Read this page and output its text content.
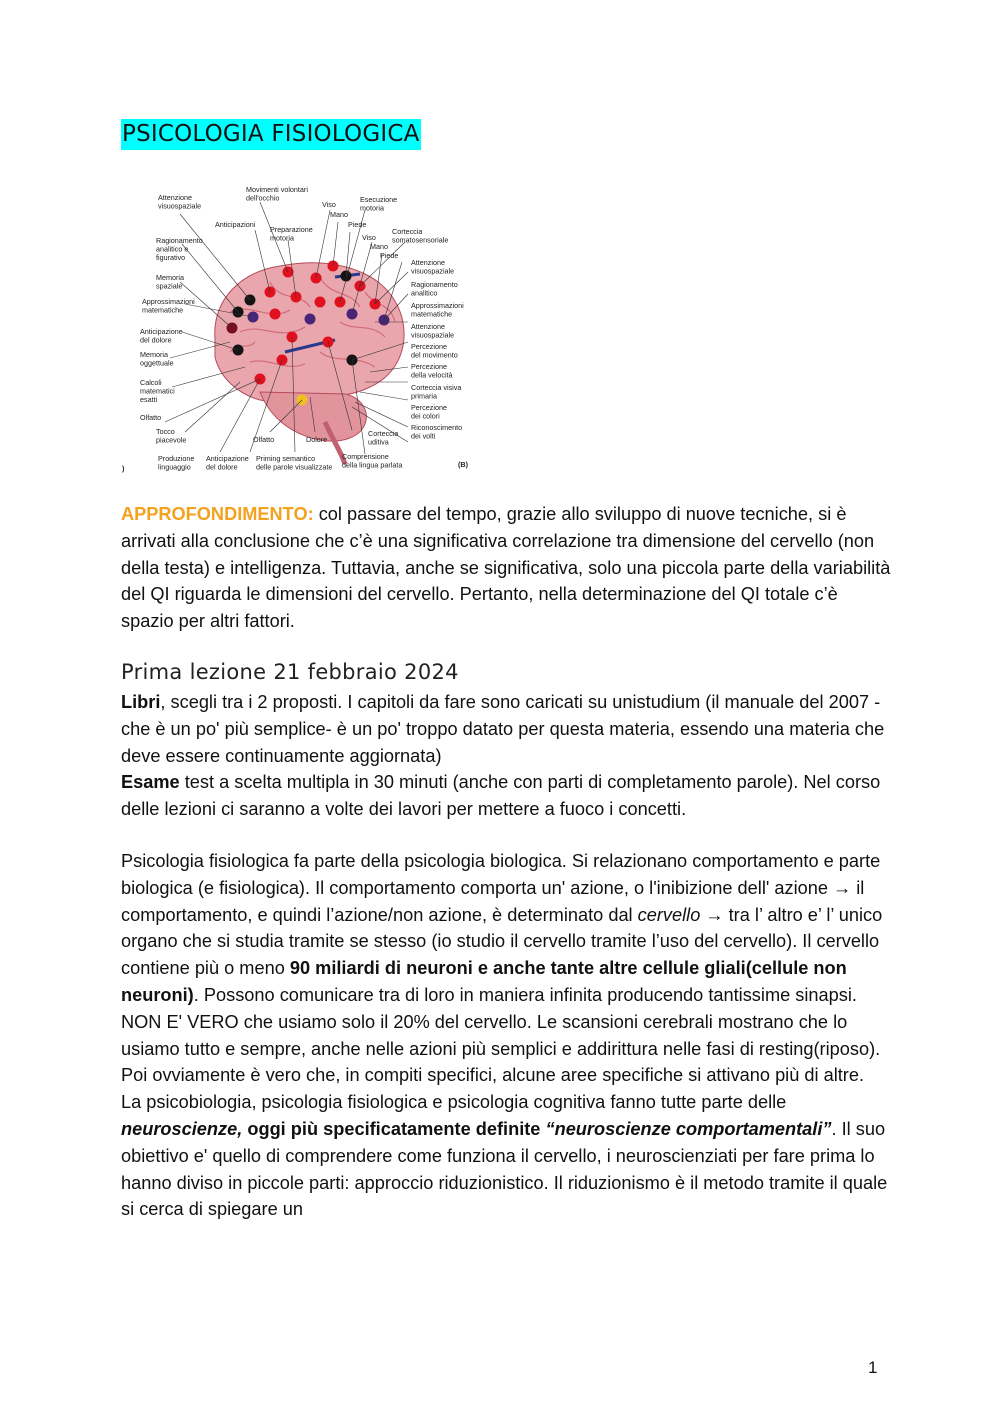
PSICOLOGIA FISIOLOGICA
Attenzione visuospaziale
Movimenti volontari dell'occhio
Anticipazioni
Preparazione motoria
Viso
Mano
Piede
Esecuzione motoria
Ragionamento analitico e figurativo
Corteccia somatosensoriale
Viso
Mano
Piede
Memoria spaziale
Approssimazioni matematiche
Attenzione visuospaziale
Ragionamento analitico
Approssimazioni matematiche
Anticipazione del dolore
Memoria oggettuale
Attenzione visuospaziale
Percezione del movimento
Calcoli matematici esatti
Percezione della velocità
Corteccia visiva primaria
Olfatto
Percezione dei colori
Tocco piacevole
Riconoscimento dei volti
Olfatto	Dolore
Corteccia uditiva
Produzione linguaggio
Anticipazione del dolore
Priming semantico delle parole visualizzate
Comprensione della lingua parlata
)	(B)

APPROFONDIMENTO: col passare del tempo, grazie allo sviluppo di nuove tecniche, si è arrivati alla conclusione che c’è una significativa correlazione tra dimensione del cervello (non della testa) e intelligenza. Tuttavia, anche se significativa, solo una piccola parte della variabilità del QI riguarda le dimensioni del cervello. Pertanto, nella determinazione del QI totale c’è spazio per altri fattori.

Prima lezione 21 febbraio 2024

Libri, scegli tra i 2 proposti. I capitoli da fare sono caricati su unistudium (il manuale del 2007 -che è un po' più semplice- è un po' troppo datato per questa materia, essendo una materia che deve essere continuamente aggiornata)
Esame test a scelta multipla in 30 minuti (anche con parti di completamento parole). Nel corso delle lezioni ci saranno a volte dei lavori per mettere a fuoco i concetti.

Psicologia fisiologica fa parte della psicologia biologica. Si relazionano comportamento e parte biologica (e fisiologica). Il comportamento comporta un' azione, o l'inibizione dell' azione → il comportamento, e quindi l’azione/non azione, è determinato dal cervello → tra l’ altro e’ l’ unico organo che si studia tramite se stesso (io studio il cervello tramite l’uso del cervello). Il cervello contiene più o meno 90 miliardi di neuroni e anche tante altre cellule gliali(cellule non neuroni). Possono comunicare tra di loro in maniera infinita producendo tantissime sinapsi. NON E' VERO che usiamo solo il 20% del cervello. Le scansioni cerebrali mostrano che lo usiamo tutto e sempre, anche nelle azioni più semplici e addirittura nelle fasi di resting(riposo). Poi ovviamente è vero che, in compiti specifici, alcune aree specifiche si attivano più di altre.
La psicobiologia, psicologia fisiologica e psicologia cognitiva fanno tutte parte delle neuroscienze, oggi più specificatamente definite “neuroscienze comportamentali”. Il suo obiettivo e' quello di comprendere come funziona il cervello, i neuroscienziati per fare prima lo hanno diviso in piccole parti: approccio riduzionistico. Il riduzionismo è il metodo tramite il quale si cerca di spiegare un

1
